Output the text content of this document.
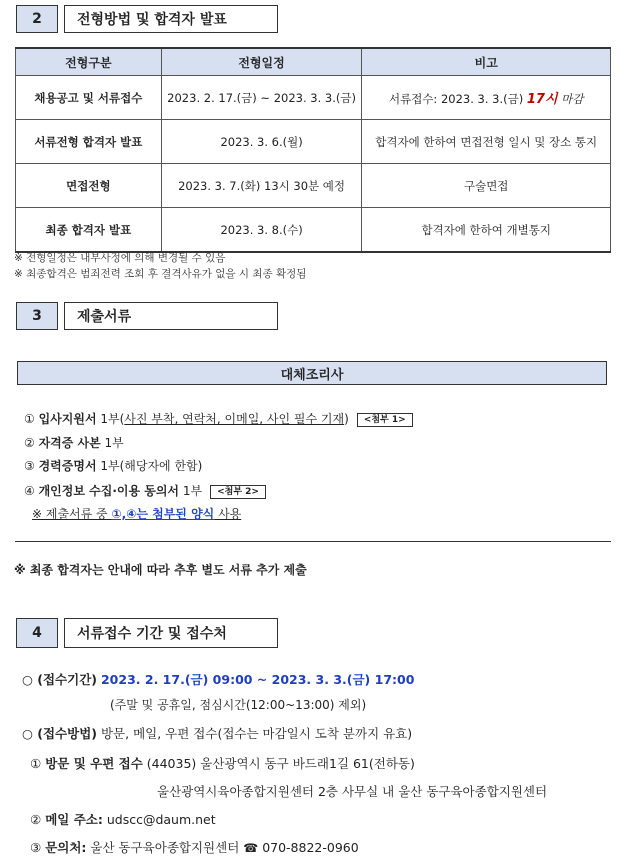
2	전형방법 및 합격자 발표
전형구분	전형일정	비고
채용공고 및 서류접수	2023. 2. 17.(금) ~ 2023. 3. 3.(금)	서류접수: 2023. 3. 3.(금) 17시 마감
서류전형 합격자 발표	2023. 3. 6.(월)	합격자에 한하여 면접전형 일시 및 장소 통지
면접전형	2023. 3. 7.(화) 13시 30분 예정	구술면접
최종 합격자 발표	2023. 3. 8.(수)	합격자에 한하여 개별통지
※ 전형일정은 내부사정에 의해 변경될 수 있음
※ 최종합격은 범죄전력 조회 후 결격사유가 없을 시 최종 확정됨
3	제출서류
대체조리사
① 입사지원서 1부(사진 부착, 연락처, 이메일, 사인 필수 기재) <첨부 1>
② 자격증 사본 1부
③ 경력증명서 1부(해당자에 한함)
④ 개인정보 수집·이용 동의서 1부 <첨부 2>
※ 제출서류 중 ①,④는 첨부된 양식 사용
※ 최종 합격자는 안내에 따라 추후 별도 서류 추가 제출
4	서류접수 기간 및 접수처
○ (접수기간) 2023. 2. 17.(금) 09:00 ~ 2023. 3. 3.(금) 17:00
(주말 및 공휴일, 점심시간(12:00~13:00) 제외)
○ (접수방법) 방문, 메일, 우편 접수(접수는 마감일시 도착 분까지 유효)
① 방문 및 우편 접수 (44035) 울산광역시 동구 바드래1길 61(전하동)
울산광역시육아종합지원센터 2층 사무실 내 울산 동구육아종합지원센터
② 메일 주소: udscc@daum.net
③ 문의처: 울산 동구육아종합지원센터 ☎ 070-8822-0960
